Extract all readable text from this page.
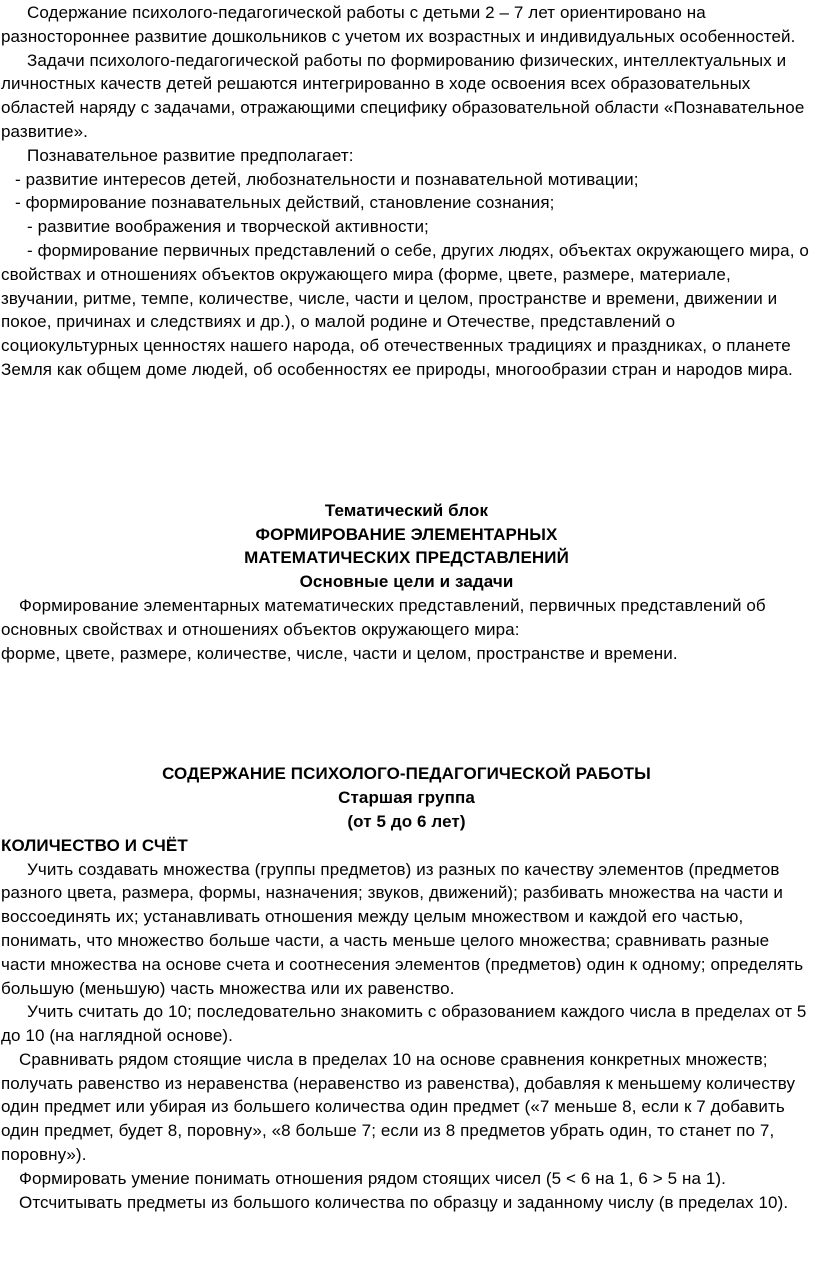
Содержание психолого-педагогической работы с детьми 2 – 7 лет ориентировано на разностороннее развитие дошкольников с учетом их возрастных и индивидуальных особенностей.

Задачи психолого-педагогической работы по формированию физических, интеллектуальных и личностных качеств детей решаются интегрированно в ходе освоения всех образовательных областей наряду с задачами, отражающими специфику образовательной области «Познавательное развитие».

Познавательное развитие предполагает:

- развитие интересов детей, любознательности и познавательной мотивации;

- формирование познавательных действий, становление сознания;

- развитие воображения и творческой активности;

- формирование первичных представлений о себе, других людях, объектах окружающего мира, о свойствах и отношениях объектов окружающего мира (форме, цвете, размере, материале, звучании, ритме, темпе, количестве, числе, части и целом, пространстве и времени, движении и покое, причинах и следствиях и др.), о малой родине и Отечестве, представлений о социокультурных ценностях нашего народа, об отечественных традициях и праздниках, о планете Земля как общем доме людей, об особенностях ее природы, многообразии стран и народов мира.

Тематический блок

ФОРМИРОВАНИЕ ЭЛЕМЕНТАРНЫХ

МАТЕМАТИЧЕСКИХ ПРЕДСТАВЛЕНИЙ

Основные цели и задачи

Формирование элементарных математических представлений, первичных представлений об основных свойствах и отношениях объектов окружающего мира:

форме, цвете, размере, количестве, числе, части и целом, пространстве и времени.

СОДЕРЖАНИЕ ПСИХОЛОГО-ПЕДАГОГИЧЕСКОЙ РАБОТЫ

Старшая группа

(от 5 до 6 лет)

КОЛИЧЕСТВО И СЧЁТ

Учить создавать множества (группы предметов) из разных по качеству элементов (предметов разного цвета, размера, формы, назначения; звуков, движений); разбивать множества на части и воссоединять их; устанавливать отношения между целым множеством и каждой его частью, понимать, что множество больше части, а часть меньше целого множества; сравнивать разные части множества на основе счета и соотнесения элементов (предметов) один к одному; определять большую (меньшую) часть множества или их равенство.

Учить считать до 10; последовательно знакомить с образованием каждого числа в пределах от 5 до 10 (на наглядной основе).

Сравнивать рядом стоящие числа в пределах 10 на основе сравнения конкретных множеств; получать равенство из неравенства (неравенство из равенства), добавляя к меньшему количеству один предмет или убирая из большего количества один предмет («7 меньше 8, если к 7 добавить один предмет, будет 8, поровну», «8 больше 7; если из 8 предметов убрать один, то станет по 7, поровну»).

Формировать умение понимать отношения рядом стоящих чисел (5 < 6 на 1, 6 > 5 на 1).

Отсчитывать предметы из большого количества по образцу и заданному числу (в пределах 10).
